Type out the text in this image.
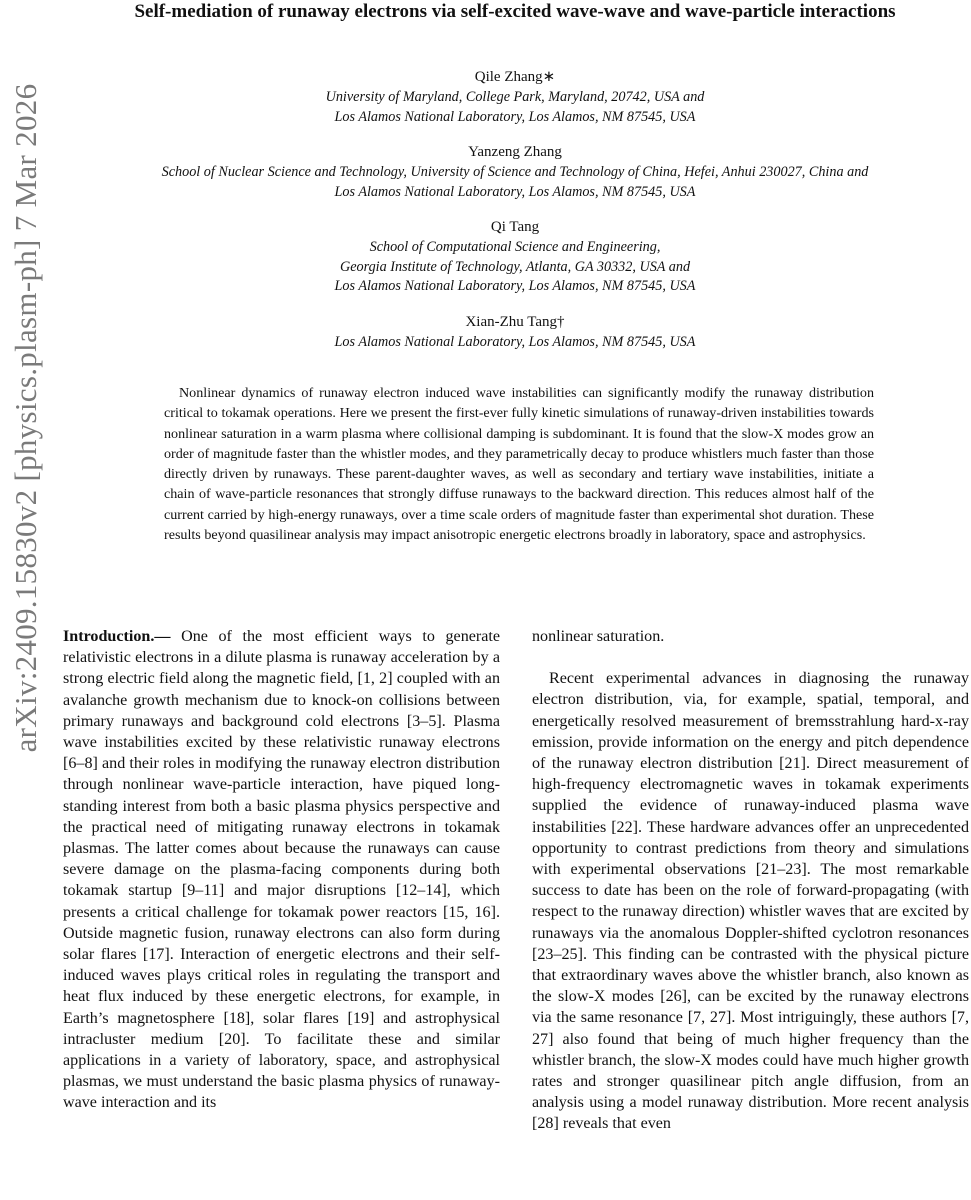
arXiv:2409.15830v2 [physics.plasm-ph] 7 Mar 2026
Self-mediation of runaway electrons via self-excited wave-wave and wave-particle interactions
Qile Zhang∗
University of Maryland, College Park, Maryland, 20742, USA and
Los Alamos National Laboratory, Los Alamos, NM 87545, USA
Yanzeng Zhang
School of Nuclear Science and Technology, University of Science and Technology of China, Hefei, Anhui 230027, China and
Los Alamos National Laboratory, Los Alamos, NM 87545, USA
Qi Tang
School of Computational Science and Engineering,
Georgia Institute of Technology, Atlanta, GA 30332, USA and
Los Alamos National Laboratory, Los Alamos, NM 87545, USA
Xian-Zhu Tang†
Los Alamos National Laboratory, Los Alamos, NM 87545, USA
Nonlinear dynamics of runaway electron induced wave instabilities can significantly modify the runaway distribution critical to tokamak operations. Here we present the first-ever fully kinetic simulations of runaway-driven instabilities towards nonlinear saturation in a warm plasma where collisional damping is subdominant. It is found that the slow-X modes grow an order of magnitude faster than the whistler modes, and they parametrically decay to produce whistlers much faster than those directly driven by runaways. These parent-daughter waves, as well as secondary and tertiary wave instabilities, initiate a chain of wave-particle resonances that strongly diffuse runaways to the backward direction. This reduces almost half of the current carried by high-energy runaways, over a time scale orders of magnitude faster than experimental shot duration. These results beyond quasilinear analysis may impact anisotropic energetic electrons broadly in laboratory, space and astrophysics.

Introduction.— One of the most efficient ways to generate relativistic electrons in a dilute plasma is runaway acceleration by a strong electric field along the magnetic field, [1, 2] coupled with an avalanche growth mechanism due to knock-on collisions between primary runaways and background cold electrons [3–5]. Plasma wave instabilities excited by these relativistic runaway electrons [6–8] and their roles in modifying the runaway electron distribution through nonlinear wave-particle interaction, have piqued long-standing interest from both a basic plasma physics perspective and the practical need of mitigating runaway electrons in tokamak plasmas. The latter comes about because the runaways can cause severe damage on the plasma-facing components during both tokamak startup [9–11] and major disruptions [12–14], which presents a critical challenge for tokamak power reactors [15, 16]. Outside magnetic fusion, runaway electrons can also form during solar flares [17]. Interaction of energetic electrons and their self-induced waves plays critical roles in regulating the transport and heat flux induced by these energetic electrons, for example, in Earth’s magnetosphere [18], solar flares [19] and astrophysical intracluster medium [20]. To facilitate these and similar applications in a variety of laboratory, space, and astrophysical plasmas, we must understand the basic plasma physics of runaway-wave interaction and its

nonlinear saturation.

Recent experimental advances in diagnosing the runaway electron distribution, via, for example, spatial, temporal, and energetically resolved measurement of bremsstrahlung hard-x-ray emission, provide information on the energy and pitch dependence of the runaway electron distribution [21]. Direct measurement of high-frequency electromagnetic waves in tokamak experiments supplied the evidence of runaway-induced plasma wave instabilities [22]. These hardware advances offer an unprecedented opportunity to contrast predictions from theory and simulations with experimental observations [21–23]. The most remarkable success to date has been on the role of forward-propagating (with respect to the runaway direction) whistler waves that are excited by runaways via the anomalous Doppler-shifted cyclotron resonances [23–25]. This finding can be contrasted with the physical picture that extraordinary waves above the whistler branch, also known as the slow-X modes [26], can be excited by the runaway electrons via the same resonance [7, 27]. Most intriguingly, these authors [7, 27] also found that being of much higher frequency than the whistler branch, the slow-X modes could have much higher growth rates and stronger quasilinear pitch angle diffusion, from an analysis using a model runaway distribution. More recent analysis [28] reveals that even
